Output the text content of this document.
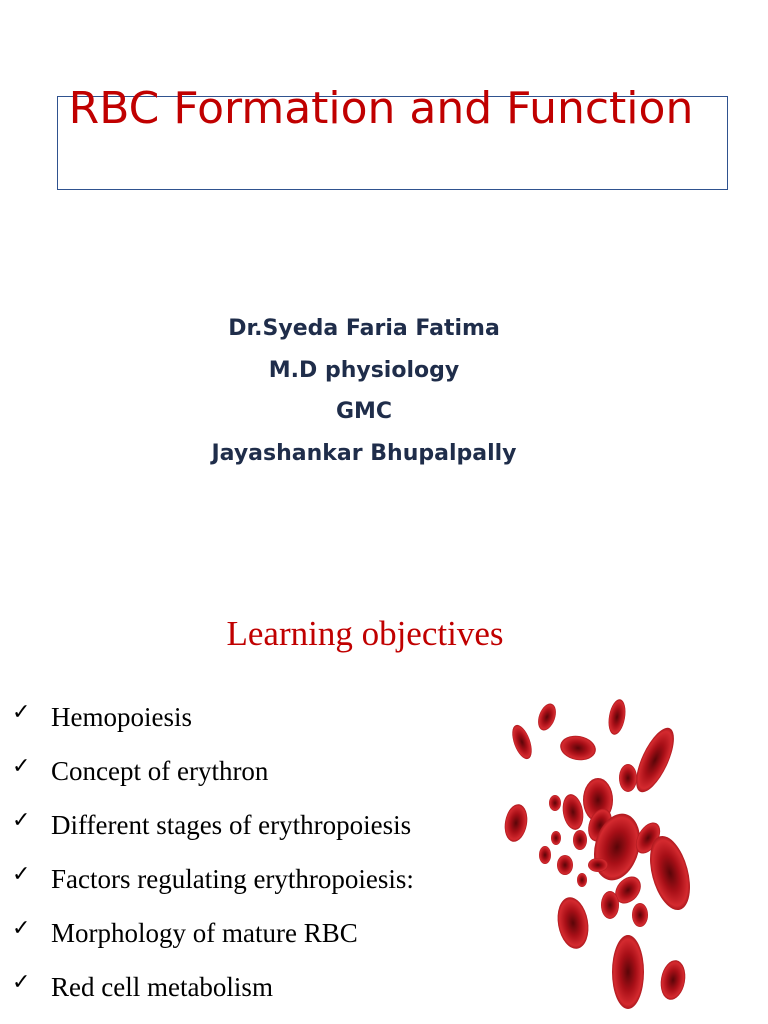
RBC Formation and Function
Dr.Syeda Faria Fatima
M.D physiology
GMC
Jayashankar Bhupalpally
Learning objectives
✓ Hemopoiesis
✓ Concept of erythron
✓ Different stages of erythropoiesis
✓ Factors regulating erythropoiesis:
✓ Morphology of mature RBC
✓ Red cell metabolism
